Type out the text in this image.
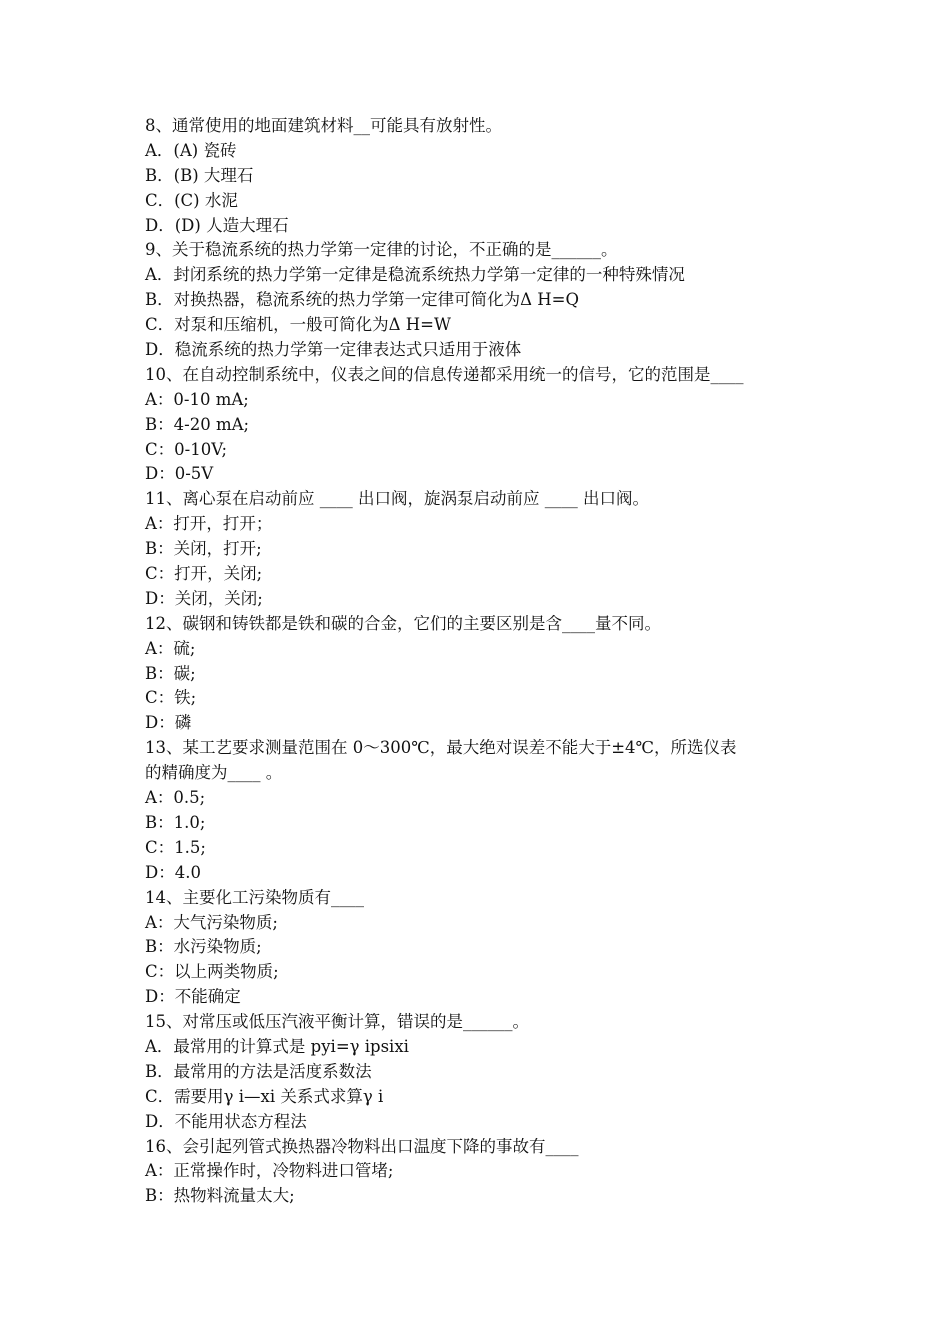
8、通常使用的地面建筑材料__可能具有放射性。
A．(A) 瓷砖
B．(B) 大理石
C．(C) 水泥
D．(D) 人造大理石
9、关于稳流系统的热力学第一定律的讨论，不正确的是______。
A．封闭系统的热力学第一定律是稳流系统热力学第一定律的一种特殊情况
B．对换热器，稳流系统的热力学第一定律可简化为Δ H=Q
C．对泵和压缩机，一般可简化为Δ H=W
D．稳流系统的热力学第一定律表达式只适用于液体
10、在自动控制系统中，仪表之间的信息传递都采用统一的信号，它的范围是____
A：0-10 mA;
B：4-20 mA;
C：0-10V;
D：0-5V
11、离心泵在启动前应 ____ 出口阀，旋涡泵启动前应 ____ 出口阀。
A：打开，打开；
B：关闭，打开;
C：打开，关闭;
D：关闭，关闭;
12、碳钢和铸铁都是铁和碳的合金，它们的主要区别是含____量不同。
A：硫;
B：碳;
C：铁;
D：磷
13、某工艺要求测量范围在 0～300℃，最大绝对误差不能大于±4℃，所选仪表
的精确度为____ 。
A：0.5;
B：1.0;
C：1.5;
D：4.0
14、主要化工污染物质有____
A：大气污染物质;
B：水污染物质;
C：以上两类物质;
D：不能确定
15、对常压或低压汽液平衡计算，错误的是______。
A．最常用的计算式是 pyi=γ ipsixi
B．最常用的方法是活度系数法
C．需要用γ i—xi 关系式求算γ i
D．不能用状态方程法
16、会引起列管式换热器冷物料出口温度下降的事故有____
A：正常操作时，冷物料进口管堵;
B：热物料流量太大;
